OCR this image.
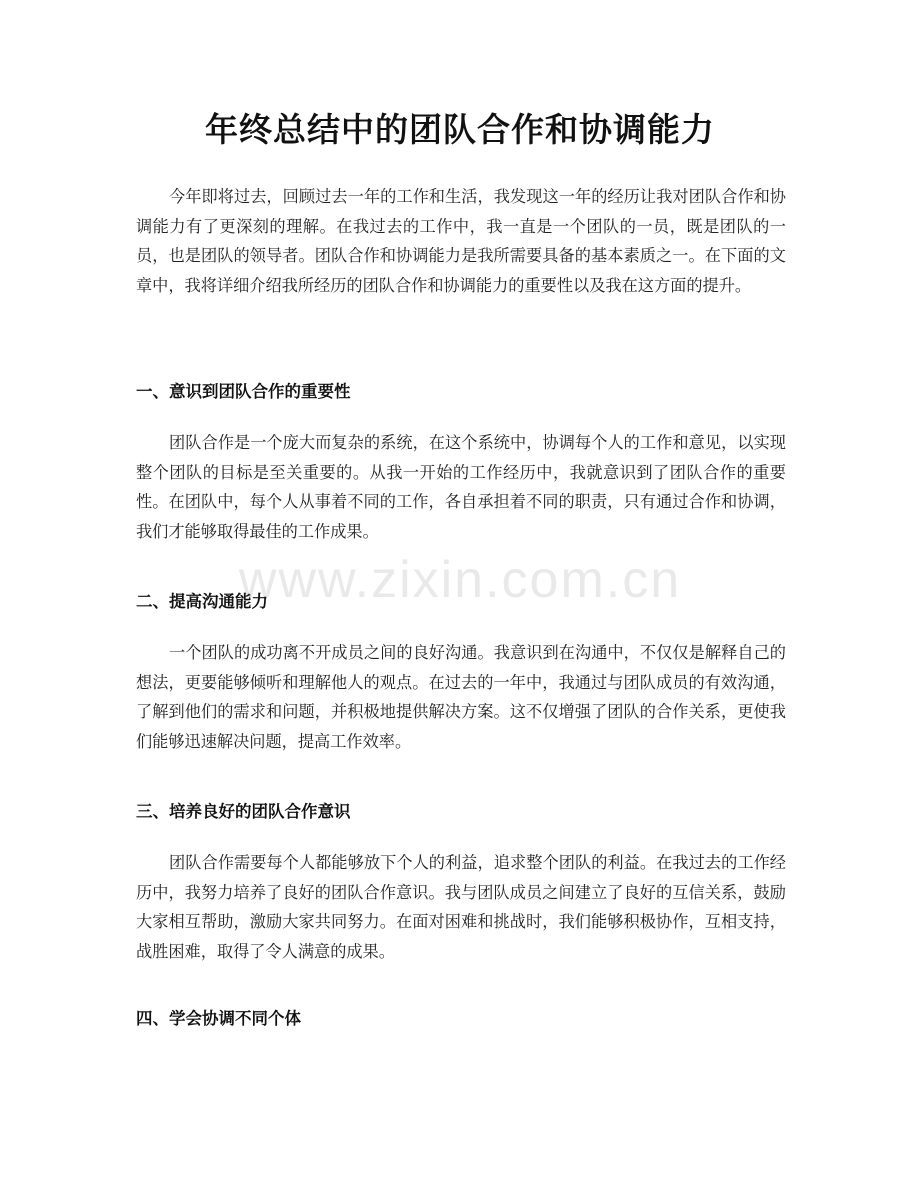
年终总结中的团队合作和协调能力

今年即将过去，回顾过去一年的工作和生活，我发现这一年的经历让我对团队合作和协调能力有了更深刻的理解。在我过去的工作中，我一直是一个团队的一员，既是团队的一员，也是团队的领导者。团队合作和协调能力是我所需要具备的基本素质之一。在下面的文章中，我将详细介绍我所经历的团队合作和协调能力的重要性以及我在这方面的提升。

一、意识到团队合作的重要性

团队合作是一个庞大而复杂的系统，在这个系统中，协调每个人的工作和意见，以实现整个团队的目标是至关重要的。从我一开始的工作经历中，我就意识到了团队合作的重要性。在团队中，每个人从事着不同的工作，各自承担着不同的职责，只有通过合作和协调，我们才能够取得最佳的工作成果。

二、提高沟通能力

一个团队的成功离不开成员之间的良好沟通。我意识到在沟通中，不仅仅是解释自己的想法，更要能够倾听和理解他人的观点。在过去的一年中，我通过与团队成员的有效沟通，了解到他们的需求和问题，并积极地提供解决方案。这不仅增强了团队的合作关系，更使我们能够迅速解决问题，提高工作效率。

三、培养良好的团队合作意识

团队合作需要每个人都能够放下个人的利益，追求整个团队的利益。在我过去的工作经历中，我努力培养了良好的团队合作意识。我与团队成员之间建立了良好的互信关系，鼓励大家相互帮助，激励大家共同努力。在面对困难和挑战时，我们能够积极协作，互相支持，战胜困难，取得了令人满意的成果。

四、学会协调不同个体
www.zixin.com.cn
